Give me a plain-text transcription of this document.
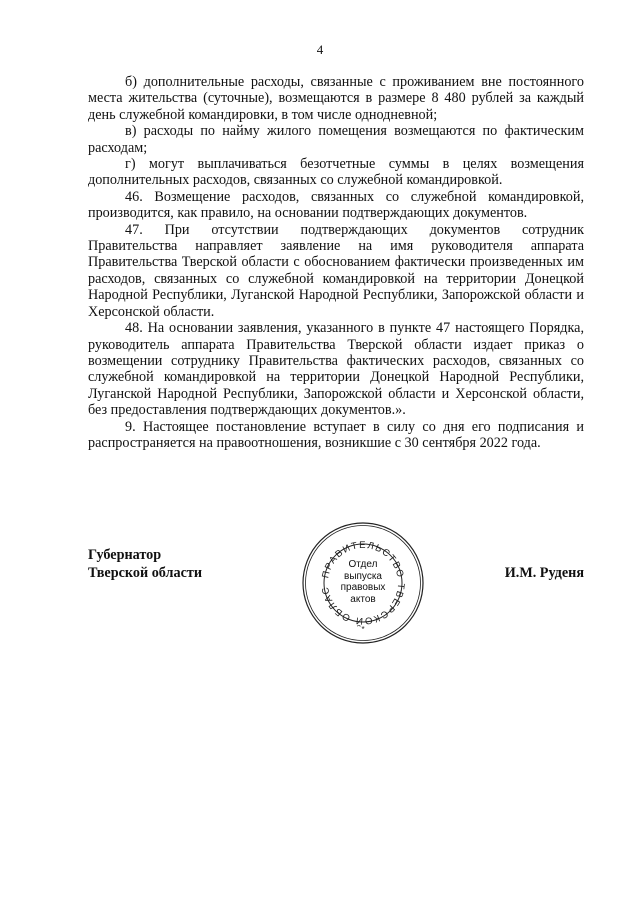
4

б) дополнительные расходы, связанные с проживанием вне постоянного места жительства (суточные), возмещаются в размере 8 480 рублей за каждый день служебной командировки, в том числе однодневной;

в) расходы по найму жилого помещения возмещаются по фактическим расходам;

г) могут выплачиваться безотчетные суммы в целях возмещения дополнительных расходов, связанных со служебной командировкой.

46. Возмещение расходов, связанных со служебной командировкой, производится, как правило, на основании подтверждающих документов.

47. При отсутствии подтверждающих документов сотрудник Правительства направляет заявление на имя руководителя аппарата Правительства Тверской области с обоснованием фактически произведенных им расходов, связанных со служебной командировкой на территории Донецкой Народной Республики, Луганской Народной Республики, Запорожской области и Херсонской области.

48. На основании заявления, указанного в пункте 47 настоящего Порядка, руководитель аппарата Правительства Тверской области издает приказ о возмещении сотруднику Правительства фактических расходов, связанных со служебной командировкой на территории Донецкой Народной Республики, Луганской Народной Республики, Запорожской области и Херсонской области, без предоставления подтверждающих документов.».

9. Настоящее постановление вступает в силу со дня его подписания и распространяется на правоотношения, возникшие с 30 сентября 2022 года.

Губернатор
Тверской области	ПРАВИТЕЛЬСТВО ТВЕРСКОЙ ОБЛАСТИ
*
Отдел
выпуска
правовых
актов
И.М. Руденя
